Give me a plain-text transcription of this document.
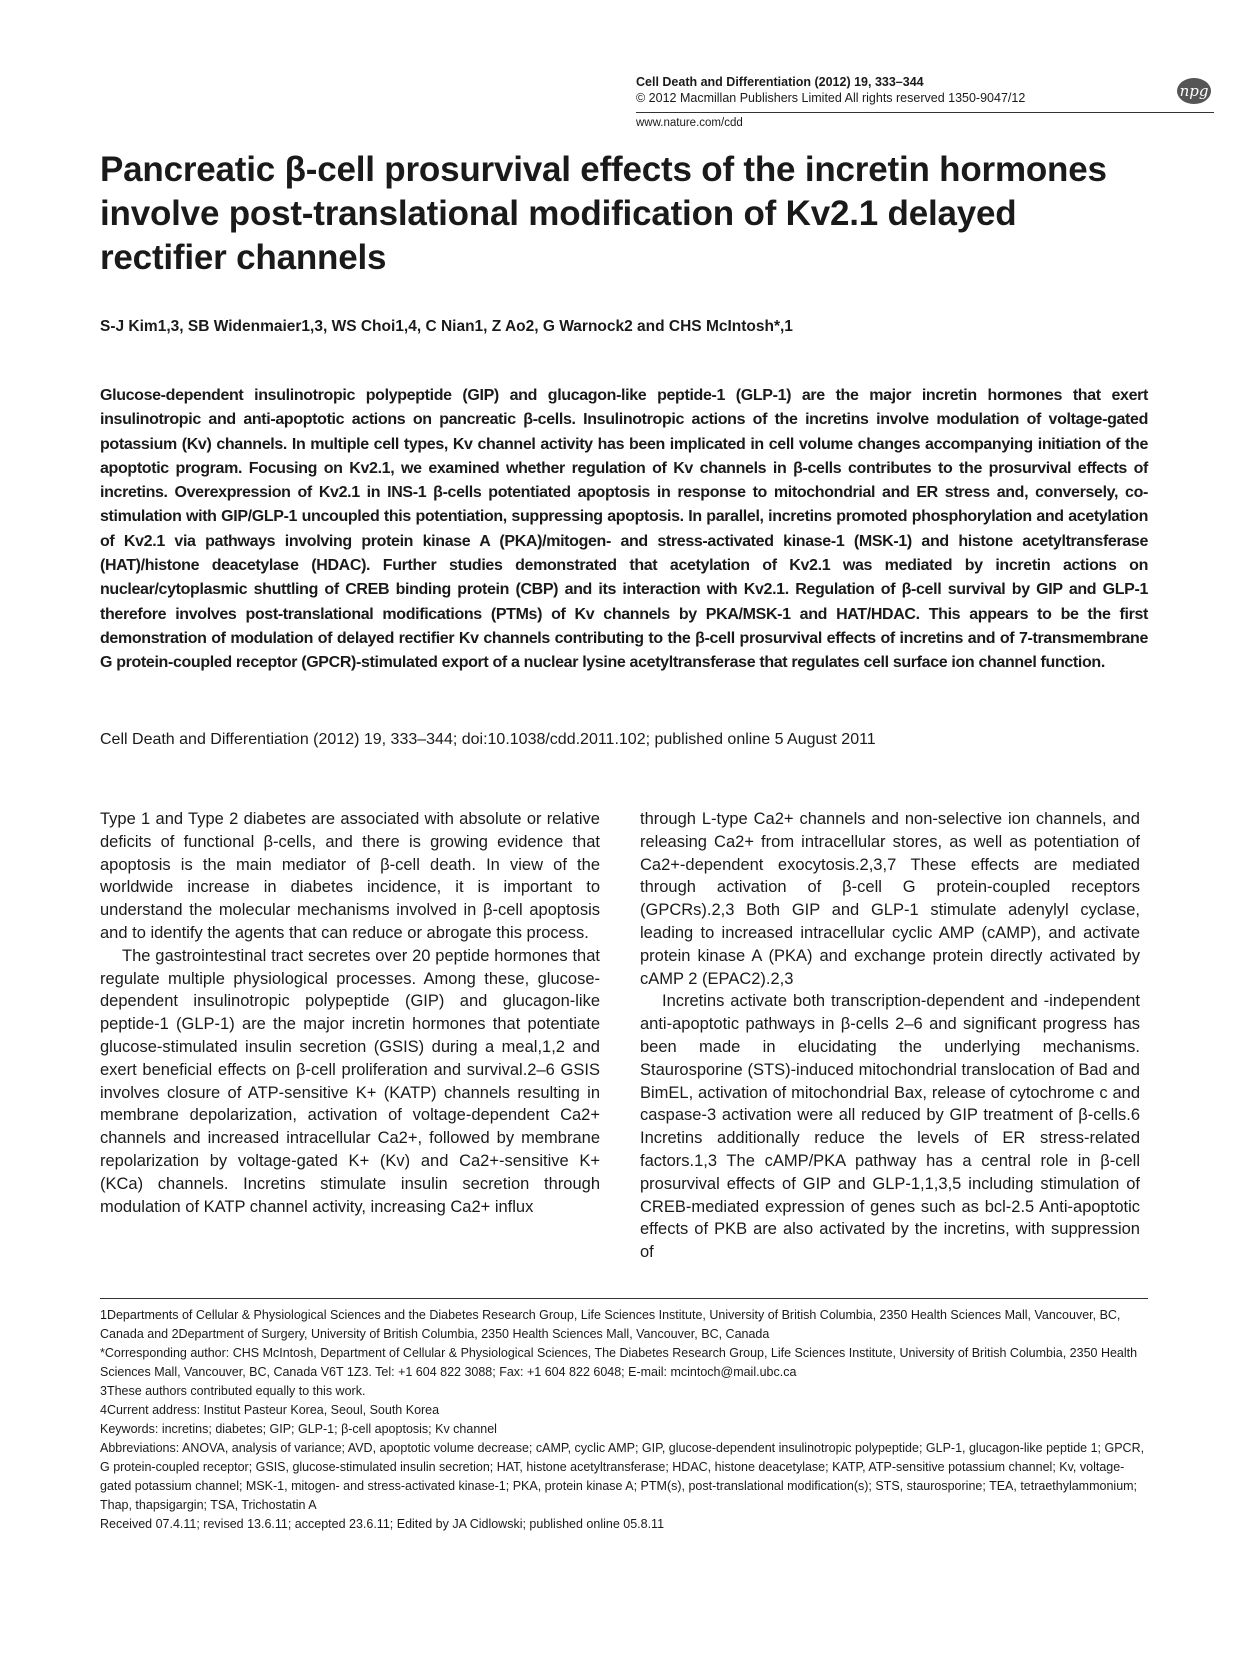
Cell Death and Differentiation (2012) 19, 333–344
© 2012 Macmillan Publishers Limited All rights reserved 1350-9047/12
www.nature.com/cdd
npg
Pancreatic β-cell prosurvival effects of the incretin hormones involve post-translational modification of Kv2.1 delayed rectifier channels
S-J Kim1,3, SB Widenmaier1,3, WS Choi1,4, C Nian1, Z Ao2, G Warnock2 and CHS McIntosh*,1
Glucose-dependent insulinotropic polypeptide (GIP) and glucagon-like peptide-1 (GLP-1) are the major incretin hormones that exert insulinotropic and anti-apoptotic actions on pancreatic β-cells. Insulinotropic actions of the incretins involve modulation of voltage-gated potassium (Kv) channels. In multiple cell types, Kv channel activity has been implicated in cell volume changes accompanying initiation of the apoptotic program. Focusing on Kv2.1, we examined whether regulation of Kv channels in β-cells contributes to the prosurvival effects of incretins. Overexpression of Kv2.1 in INS-1 β-cells potentiated apoptosis in response to mitochondrial and ER stress and, conversely, co-stimulation with GIP/GLP-1 uncoupled this potentiation, suppressing apoptosis. In parallel, incretins promoted phosphorylation and acetylation of Kv2.1 via pathways involving protein kinase A (PKA)/mitogen- and stress-activated kinase-1 (MSK-1) and histone acetyltransferase (HAT)/histone deacetylase (HDAC). Further studies demonstrated that acetylation of Kv2.1 was mediated by incretin actions on nuclear/cytoplasmic shuttling of CREB binding protein (CBP) and its interaction with Kv2.1. Regulation of β-cell survival by GIP and GLP-1 therefore involves post-translational modifications (PTMs) of Kv channels by PKA/MSK-1 and HAT/HDAC. This appears to be the first demonstration of modulation of delayed rectifier Kv channels contributing to the β-cell prosurvival effects of incretins and of 7-transmembrane G protein-coupled receptor (GPCR)-stimulated export of a nuclear lysine acetyltransferase that regulates cell surface ion channel function.
Cell Death and Differentiation (2012) 19, 333–344; doi:10.1038/cdd.2011.102; published online 5 August 2011

Type 1 and Type 2 diabetes are associated with absolute or relative deficits of functional β-cells, and there is growing evidence that apoptosis is the main mediator of β-cell death. In view of the worldwide increase in diabetes incidence, it is important to understand the molecular mechanisms involved in β-cell apoptosis and to identify the agents that can reduce or abrogate this process.

The gastrointestinal tract secretes over 20 peptide hormones that regulate multiple physiological processes. Among these, glucose-dependent insulinotropic polypeptide (GIP) and glucagon-like peptide-1 (GLP-1) are the major incretin hormones that potentiate glucose-stimulated insulin secretion (GSIS) during a meal,1,2 and exert beneficial effects on β-cell proliferation and survival.2–6 GSIS involves closure of ATP-sensitive K+ (KATP) channels resulting in membrane depolarization, activation of voltage-dependent Ca2+ channels and increased intracellular Ca2+, followed by membrane repolarization by voltage-gated K+ (Kv) and Ca2+-sensitive K+ (KCa) channels. Incretins stimulate insulin secretion through modulation of KATP channel activity, increasing Ca2+ influx

through L-type Ca2+ channels and non-selective ion channels, and releasing Ca2+ from intracellular stores, as well as potentiation of Ca2+-dependent exocytosis.2,3,7 These effects are mediated through activation of β-cell G protein-coupled receptors (GPCRs).2,3 Both GIP and GLP-1 stimulate adenylyl cyclase, leading to increased intracellular cyclic AMP (cAMP), and activate protein kinase A (PKA) and exchange protein directly activated by cAMP 2 (EPAC2).2,3

Incretins activate both transcription-dependent and -independent anti-apoptotic pathways in β-cells 2–6 and significant progress has been made in elucidating the underlying mechanisms. Staurosporine (STS)-induced mitochondrial translocation of Bad and BimEL, activation of mitochondrial Bax, release of cytochrome c and caspase-3 activation were all reduced by GIP treatment of β-cells.6 Incretins additionally reduce the levels of ER stress-related factors.1,3 The cAMP/PKA pathway has a central role in β-cell prosurvival effects of GIP and GLP-1,1,3,5 including stimulation of CREB-mediated expression of genes such as bcl-2.5 Anti-apoptotic effects of PKB are also activated by the incretins, with suppression of

1Departments of Cellular & Physiological Sciences and the Diabetes Research Group, Life Sciences Institute, University of British Columbia, 2350 Health Sciences Mall, Vancouver, BC, Canada and 2Department of Surgery, University of British Columbia, 2350 Health Sciences Mall, Vancouver, BC, Canada

*Corresponding author: CHS McIntosh, Department of Cellular & Physiological Sciences, The Diabetes Research Group, Life Sciences Institute, University of British Columbia, 2350 Health Sciences Mall, Vancouver, BC, Canada V6T 1Z3. Tel: +1 604 822 3088; Fax: +1 604 822 6048; E-mail: mcintoch@mail.ubc.ca

3These authors contributed equally to this work.

4Current address: Institut Pasteur Korea, Seoul, South Korea

Keywords: incretins; diabetes; GIP; GLP-1; β-cell apoptosis; Kv channel

Abbreviations: ANOVA, analysis of variance; AVD, apoptotic volume decrease; cAMP, cyclic AMP; GIP, glucose-dependent insulinotropic polypeptide; GLP-1, glucagon-like peptide 1; GPCR, G protein-coupled receptor; GSIS, glucose-stimulated insulin secretion; HAT, histone acetyltransferase; HDAC, histone deacetylase; KATP, ATP-sensitive potassium channel; Kv, voltage-gated potassium channel; MSK-1, mitogen- and stress-activated kinase-1; PKA, protein kinase A; PTM(s), post-translational modification(s); STS, staurosporine; TEA, tetraethylammonium; Thap, thapsigargin; TSA, Trichostatin A

Received 07.4.11; revised 13.6.11; accepted 23.6.11; Edited by JA Cidlowski; published online 05.8.11
